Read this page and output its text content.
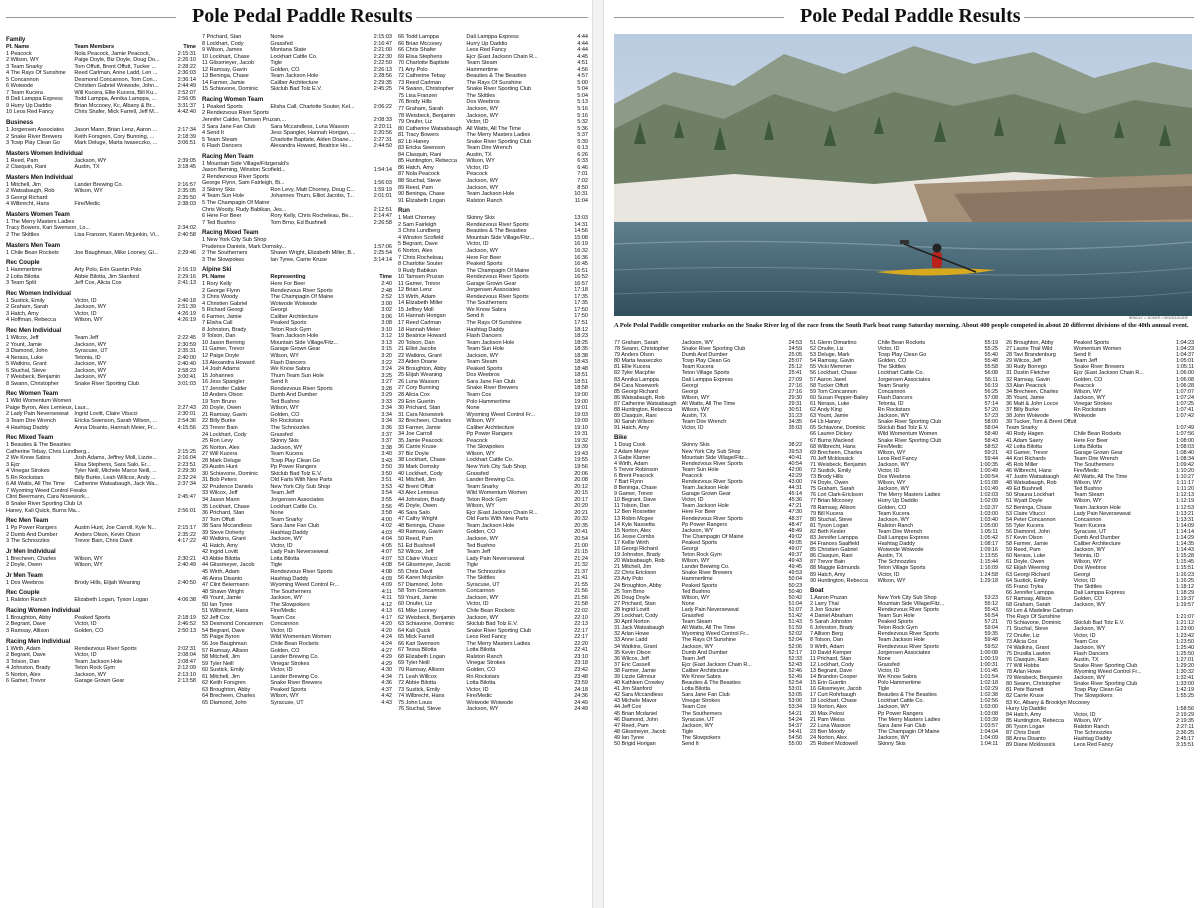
Pole Pedal Paddle Results
Family
Pl. Name	Team Members	Time
1 Peacock	Nola Peacock, Jamie Peacock,	2:15:31
2 Wilson, WY	Paige Doyle, Biz Doyle, Doug Do...	2:26:10
3 Team Snarky	Tom Offutt, Brent Offutt, Tucker ...	2:28:22
4 The Rays Of Sunshine	Reed Carlman, Anne Ladd, Len ...	2:36:03
5 Concannon	Desmond Concannon, Tom Con...	2:36:14
6 Woiwode	Christien Gabriel Woiwode, John...	2:44:49
7 Team Kucera	Will Kucera, Ellie Kucera, Bill Ku...	2:52:07
8 Dali Lamppa Express	Todd Lamppa, Annika Lamppa, ...	2:56:05
9 Hurry Up Daddio	Brian Mccooey, Kc, Albany & Br...	3:31:37
10 Leos Red Fancy	Chris Shafer, Mick Farrell, Jeff M...	4:42:40
Business
1 Jorgensen Associates	Jason Mann, Brian Lenz, Aaron ...	2:17:34
2 Snake River Brewers	Keith Forsgren, Cory Bunning, ...	2:18:39
3 Tcwp Play Clean Go	Mark Deluge, Marta Iwaseczko, ...	3:06:51
Masters Women Individual
1 Reed, Pam	Jackson, WY	2:39:05
2 Clasquin, Rani	Austin, TX	3:18:45
Masters Men Individual
1 Mitchell, Jim	Lander Brewing Co.	2:16:57
2 Watsabaugh, Rob	Wilson, WY	2:35:05
3 Georgi Richard	2:35:50
4 Wilbrecht, Hans	Fire/Medic	2:38:03
Masters Women Team
1 The Merry Masters Ladies
Tracy Bowers, Kari Swenson, Lo...	2:34:02
2 The Skittles	Lisa Franzen, Karen Mcjunkin, Vi...	2:40:58
Masters Men Team
1 Chile Bean Rockets	Joe Baughman, Mike Looney, Gl...	2:29:46
Rec Couple
1 Hammertime	Arty Polo, Erin Guertin Polo	2:16:19
2 Lotta Bilotta	Abbie Bilotta, Jim Stanford	2:29:16
3 Team Split	Jeff Cox, Alicia Cox	2:41:13
Rec Women Individual
1 Sustick, Emily	Victor, ID	2:46:18
2 Graham, Sarah	Jackson, WY	2:51:39
3 Hatch, Amy	Victor, ID	4:26:19
4 Hoffman, Rebecca	Wilson, WY	4:26:19
Rec Men Individual
1 Wilcox, Jeff	Team Jeff	2:22:45
2 Yount, Jamie	Jackson, WY	2:30:59
3 Diamond, John	Syracuse, UT	2:35:31
4 Nerass, Luke	Tetonia, ID	2:40:00
5 Watkins, Grant	Jackson, WY	2:40:40
6 Stuchal, Steve	Jackson, WY	2:58:23
7 Weisbeck, Benjamin	Jackson, WY	3:00:41
8 Swann, Christopher	Snake River Sporting Club	3:01:03
Rec Women Team
1 Wild Womentum Women
Paige Byron, Alex Lemieux, Laur...	2:27:43
2 Lady Pain Neverseweat	Ingrid Lovitt, Claire Vitucci	2:30:01
3 Team Dire Wrench	Ericka Swenson, Sarah Wilson, ...	2:54:36
4 Hashtag Daddy	Anna Disanto, Hannah Meier, Fr...	4:15:56
Rec Mixed Team
1 Beauties & The Beasties
Catherine Tebay, Chris Lundberg...	2:15:25
2 We Know Sabra	Josh Adams, Jeffrey Moll, Lizzie...	2:16:04
3 Ejcr	Elisa Stephens, Sara Salo, Er...	2:23:51
4 Vinegar Strokes	Tyler Neill, Michele Marce Neill, ...	2:29:30
5 Rn Rockstars	Billy Burke, Leah Willcox, Andy ...	2:32:24
6 All Watts, All The Time	Catherine Watsabaugh, Jack Wa...	2:37:34
7 Wyoming Weed Control Freaks
Clint Beermann, Cara Nosework...	2:45:47
8 Snake River Sporting Club Ui
Haney, Kali Quick, Burns Ma...	2:56:01
Rec Men Team
1 Pp Power Rangers	Austin Hunt, Joe Carroll, Kyle N...	2:15:17
2 Dumb And Dumber	Anders Olson, Kevin Olson	2:35:22
3 The Schnozzles	Trevor Bain, Chris Davit	4:17:22
Jr Men Individual
1 Brecheen, Charles	Wilson, WY	2:30:21
2 Doyle, Owen	Wilson, WY	2:40:49
Jr Men Team
1 Dos Weebros	Brody Hills, Elijah Weaning	2:40:50
Rec Couple
1 Ralston Ranch	Elizabeth Logan, Tyson Logan	4:06:38
Racing Women Individual
1 Broughton, Abby	Peaked Sports	2:18:19
2 Begrant, Dave	Victor, ID	2:46:52
3 Ramsay, Allison	Golden, CO	2:50:13
Racing Men Individual
1 Wirth, Adam	Rendezvous River Sports	2:02:31
2 Begrant, Dave	Victor, ID	2:08:04
3 Tolson, Dan	Team Jackson Hole	2:08:47
4 Johnston, Brady	Teton Rock Gym	2:12:09
5 Norton, Alex	Jackson, WY	2:13:10
6 Gamer, Trevor	Garage Grown Gear	2:13:58
7 Prichard, Stan	None	2:15:03
8 Lockhart, Cody	Grassfed	2:16:47
9 Wilson, James	Montana State	2:21:00
10 Lockhart, Chase	Lockhart Cattle Co.	2:22:30
11 Glissmeyer, Jacob	Tigle	2:22:50
12 Ramsay, Gavin	Golden, CO	2:26:13
13 Beninga, Chase	Team Jackson Hole	2:28:56
14 Farmer, Jamie	Caliber Architecture	2:29:35
15 Schiavone, Dominic	Skiclub Bad Tolz E.V.	2:45:25
Racing Women Team
1 Peaked Sports	Elisha Call, Charlotte Souter, Kel...	2:06:22
2 Rendezvous River Sports
Jennifer Calder, Tamsen Pruzan,...	2:08:33
3 Sara Jane Fan Club	Sara Mccandless, Luna Wasson	2:20:11
4 Send It	Jess Spangler, Hannah Horigan, ...	2:20:56
5 Team Steam	Charlotte Baptiste, Aiden Doane...	2:27:31
6 Flash Dancers	Alexandra Howard, Beatrice Ho...	2:44:50
Racing Men Team
1 Mountain Side Village/Fitzgerald's
Jason Berning, Winston Scofield...	1:54:14
2 Rendezvous River Sports
George Flynn, Sam Fairleigh, Bi...	1:56:03
3 Skinny Skis	Ron Levy, Matt Chorney, Doug C...	1:59:19
4 Team Sun Hole	Johannes Thurn, Elliot Jacobs, T...	2:01:01
5 The Champagin Of Maine
Chris Woody, Rudy Babikan, Jes...	2:12:51
6 Here For Beer	Rory Kelly, Chris Rocheleau, Be...	2:14:47
7 Ted Bushno	Tom Brno, Ed Bushnell	2:26:58
Racing Mixed Team
1 New York City Sub Shop
Prudence Daniels, Mark Domsky...	1:57:06
2 The Southerners	Shawn Wright, Elizabeth Miller, B...	2:25:54
3 The Slowpokes	Ian Tyree, Carrie Kruse	3:14:14
Alpine Ski
Pl. Name	Representing	Time
1 Rory Kelly	Here For Beer	2:40
2 George Flynn	Rendezvous River Sports	2:48
3 Chris Woody	The Champagin Of Maine	2:52
4 Christien Gabriel	Woiwode Woiwode	3:00
5 Richard Georgi	Georgi	3:02
6 Farmer, Jamie	Caliber Architecture	3:06
7 Elisha Call	Peaked Sports	3:08
8 Johnston, Brady	Teton Rock Gym	3:10
9 Tolson, Dan	Team Jackson Hole	3:12
10 Jason Berning	Mountain Side Village/Fitz...	3:13
11 Gamer, Trevor	Garage Grown Gear	3:15
12 Paige Doyle	Wilson, WY	3:20
13 Alexandra Howard	Flash Dancers	3:22
14 Josh Adams	We Know Sabra	3:24
15 Johannes	Thurn Team Sun Hole	3:25
16 Jess Spangler	Send It	3:27
17 Jennifer Calder	Rendezvous River Sports	3:28
18 Anders Olson	Dumb And Dumber	3:29
19 Tom Bruno	Ted Bushno	3:33
20 Doyle, Owen	Wilson, WY	3:34
21 Ramsay, Gavin	Golden, CO	3:34
22 Billy Burke	Rn Rockstars	3:34
23 Trevor Bain	The Schnozzles	3:36
24 Lockhart, Cody	Grassfed	3:37
25 Ron Levy	Skinny Skis	3:37
26 Norton, Alex	Jackson, WY	3:38
27 Will Kucera	Team Kucera	3:40
28 Mark Deluge	Tcwp Play Clean Go	3:43
29 Austin Hunt	Pp Power Rangers	3:50
30 Schiavone, Dominic	Skiclub Bad Tolz E.V.	3:50
31 Bob Peters	Old Farts With New Parts	3:51
32 Prudence Daniels	New York City Sub Shop	3:53
33 Wilcox, Jeff	Team Jeff	3:54
34 Jason Mann	Jorgensen Associates	3:55
35 Lockhart, Chase	Lockhart Cattle Co.	3:56
36 Prichard, Stan	None	3:58
37 Tom Offutt	Team Snarky	4:00
38 Sara Mccandless	Sara Jane Fan Club	4:02
39 Steve Doherty	Hashtag Daddy	4:03
40 Watkins, Grant	Jackson, WY	4:04
41 Hatch, Amy	Victor, ID	4:05
42 Ingrid Lovitt	Lady Pain Neverseweat	4:07
43 Abbie Bilotta	Lotta Bilotta	4:07
44 Glissmeyer, Jacob	Tigle	4:08
45 Wirth, Adam	Rendezvous River Sports	4:08
46 Anna Disanto	Hashtag Daddy	4:09
47 Clint Beiermann	Wyoming Weed Control Fr...	4:09
48 Shawn Wright	The Southerners	4:11
49 Yount, Jamie	Jackson, WY	4:11
50 Ian Tyree	The Slowpokers	4:12
51 Wilbrecht, Hans	Fire/Medic	4:13
52 Jeff Cox	Team Cox	4:17
53 Desmond Concannon	Concannon	4:20
54 Begrant, Dave	Victor, ID	4:20
55 Paige Byron	Wild Womentum Women	4:24
56 Joe Baughman	Chile Bean Rockets	4:24
57 Ramsay, Allison	Golden, CO	4:27
58 Mitchell, Jim	Lander Brewing Co.	4:29
59 Tyler Neill	Vinegar Strokes	4:29
60 Sustick, Emily	Victor, ID	4:30
61 Mitchell, Jim	Lander Brewing Co.	4:34
62 Keith Forsgren	Snake River Brewers	4:36
63 Broughton, Abby	Peaked Sports	4:37
64 Brecheen, Charles	Wilson, WY	4:42
65 Diamond, John	Syracuse, UT	4:43
66 Todd Lamppa	Dali Lamppa Express	4:44
66 Brian Mccooey	Hurry Up Daddio	4:44
66 Chris Shafer	Leos Red Fancy	4:44
69 Elisa Stephens	Ejcr (East Jackson Chain R...	4:45
70 Charlotte Baptiste	Team Steam	4:51
71 Arty Polo	Hammertime	4:56
72 Catherine Tebay	Beauties & The Beasties	4:57
73 Reed Carlman	The Rays Of Sunshine	5:00
74 Swann, Christopher	Snake River Sporting Club	5:04
75 Lisa Franzen	The Skittles	5:04
76 Brody Hills	Dos Weebros	5:13
77 Graham, Sarah	Jackson, WY	5:16
78 Weisbeck, Benjamin	Jackson, WY	5:16
79 Onufer, Liz	Victor, ID	5:32
80 Catherine Watsabaugh All Watts, All The Time	5:36
81 Tracy Bowers	The Merry Masters Ladies	5:37
82 Lb Haney	Snake River Sporting Club	5:39
83 Ericka Swenson	Team Dire Wrench	6:13
84 Clasquin, Rani	Austin, TX	6:26
85 Huntington, Rebecca	Wilson, WY	6:33
86 Hatch, Amy	Victor, ID	6:46
87 Nola Peacock	Peacock	7:01
88 Stuchal, Steve	Jackson, WY	7:02
89 Reed, Pam	Jackson, WY	8:50
90 Beninga, Chase	Team Jackson Hole	10:31
91 Elizabeth Logan	Ralston Ranch	11:04
Run
1 Matt Chorney	Skinny Skis	13:03
2 Sam Fairleigh	Rendezvous River Sports	14:31
3 Chris Lundberg	Beauties & The Beasties	14:56
4 Winston Scofield	Mountain Side Village/Fitz...	15:08
5 Begrant, Dave	Victor, ID	16:19
6 Norton, Alex	Jackson, WY	16:32
7 Chris Rocheleau	Here For Beer	16:36
8 Charlotte Souter	Peaked Sports	16:45
9 Rudy Babikan	The Champagin Of Maine	16:51
10 Tamsen Pruzan	Rendezvous River Sports	16:52
11 Gamer, Trevor	Garage Grown Gear	16:57
12 Brian Lenz	Jorgensen Associates	17:18
13 Wirth, Adam	Rendezvous River Sports	17:35
14 Elizabeth Miller	The Southerners	17:35
15 Jeffrey Moll	We Know Sabra	17:50
16 Hannah Horigan	Send It	17:50
17 Reed Carlman	The Rays Of Sunshine	17:51
18 Hannah Meier	Hashtag Daddy	18:12
19 Beatrice Howard	Flash Dancers	18:23
20 Tolson, Dan	Team Jackson Hole	18:25
21 Elliot Jacobs	Team Sun Hole	18:35
22 Watkins, Grant	Jackson, WY	18:38
23 Aiden Doane	Team Steam	18:43
24 Broughton, Abby	Peaked Sports	18:48
25 Elijah Weaning	Dos Weebros	18:51
26 Luna Wasson	Sara Jane Fan Club	18:51
27 Cory Bunning	Snake River Brewers	18:58
28 Alicia Cox	Team Cox	19:00
29 Erin Guertin	Polo Hammertime	19:00
30 Prichard, Stan	None	19:01
31 Cara Nosework	Wyoming Weed Control Fr...	19:03
32 Brecheen, Charles	Wilson, WY	19:09
33 Farmer, Jamie	Caliber Architecture	19:10
34 Joe Carroll	Pp Power Rangers	19:31
35 Jamie Peacock	Peacock	19:32
36 Carrie Kruse	The Slowpokes	19:39
37 Biz Doyle	Wilson, WY	19:43
38 Lockhart, Chase	Lockhart Cattle Co.	19:55
39 Mark Domsky	New York City Sub Shop	19:56
40 Lockhart, Cody	Grassfed	20:06
41 Mitchell, Jim	Lander Brewing Co.	20:08
42 Brent Offutt	Team Snarky	20:12
43 Alex Lemieux	Wild Womentum Women	20:15
44 Johnston, Brady	Teton Rock Gym	20:17
45 Doyle, Owen	Wilson, WY	20:20
46 Sara Salo	Ejcr (East Jackson Chain R...	20:21
47 Cathy Wright	Old Farts With New Parts	20:32
48 Beninga, Chase	Team Jackson Hole	20:35
49 Ramsay, Gavin	Golden, CO	20:41
50 Reed, Pam	Jackson, WY	20:54
51 Ed Bushnell	Ted Bushno	21:00
52 Wilcox, Jeff	Team Jeff	21:15
53 Claire Vitucci	Lady Pain Neverseweat	21:24
54 Glissmeyer, Jacob	Tigle	21:32
55 Chris Davit	The Schnozzles	21:37
56 Karen Mcjunkin	The Skittles	21:41
57 Diamond, John	Syracuse, UT	21:55
58 Tom Concannon	Concannon	21:56
59 Yount, Jamie	Jackson, WY	21:56
60 Onufer, Liz	Victor, ID	21:58
61 Mike Looney	Chile Bean Rockets	22:02
62 Weisbeck, Benjamin	Jackson, WY	22:10
63 Schiavone, Dominic	Skiclub Bad Tolz E.V.	22:13
64 Kali Quick	Snake River Sporting Club	22:17
65 Mick Farrell	Leos Red Fancy	22:17
66 Kari Swenson	The Merry Masters Ladies	22:20
67 Tessa Bilotta	Lotta Bilotta	22:41
68 Elizabeth Logan	Ralston Ranch	23:10
69 Tyler Neill	Vinegar Strokes	23:18
70 Ramsay, Allison	Golden, CO	23:42
71 Leah Willcox	Rn Rockstars	23:48
72 Abbie Bilotta	Lotta Bilotta	23:59
73 Sustick, Emily	Victor, ID	24:18
74 Wilbrecht, Hans	Fire/Medic	24:36
75 John Louis	Woiwode Woiwode	24:49
76 Stuchal, Steve	Jackson, WY	24:49
Pole Pedal Paddle Results
BRADLY J. BONER / NEWS&GUIDE
A Pole Pedal Paddle competitor embarks on the Snake River leg of the race from the South Park boat ramp Saturday morning. About 400 people competed in about 20 different divisions of the 40th annual event.
77 Graham, Sarah	Jackson, WY	24:53
78 Swann, Christopher	Snake River Sporting Club	24:59
79 Anders Olson	Dumb And Dumber	25:05
80 Marta Iwaseczko	Tcwp Play Clean Go	25:07
81 Ellie Kucera	Team Kucera	25:12
82 Tyler Macphie	Teton Village Sports	25:41
83 Annika Lamppa	Dali Lamppa Express	27:09
84 Cara Nosework	Georgi	27:16
85 Georgi Richard	Georgi	27:16
86 Watsabaugh, Rob	Wilson, WY	29:30
87 Catherine Watsabaugh All Watts, All The Time	29:31
88 Huntington, Rebecca	Wilson, WY	30:51
89 Clasquin, Rani	Austin, TX	31:23
90 Sarah Wilson	Team Dire Wrench	34:35
91 Hatch, Amy	Victor, ID	35:03
Bike
1 Doug Cook	Skinny Skis	38:22
2 Adam Meyer	New York City Sub Shop	39:53
3 Gabe Klamer	Mountain Side Village/Fitz...	40:41
4 Wirth, Adam	Rendezvous River Sports	40:54
5 Trevor Robinson	Team Sun Hole	42:06
6 Brent Peacock	Peacock	42:29
7 Bart Flynn	Rendezvous River Sports	43:00
8 Beninga, Chase	Team Jackson Hole	44:31
9 Gamer, Trevor	Garage Grown Gear	45:14
10 Begrant, Dave	Victor, ID	45:36
11 Tolson, Dan	Team Jackson Hole	47:21
12 Ben Rossetter	Here For Beer	47:30
13 Robin Mcgee	Rendezvous River Sports	48:37
14 Kyle Nassetta	Pp Power Rangers	48:47
15 Norton, Alex	Jackson, WY	48:49
16 Jesse Combs	The Champagin Of Maine	49:02
17 Kellie Wirth	Peaked Sports	49:05
18 Georgi Richard	Georgi	49:07
19 Johnston, Brady	Teton Rock Gym	49:37
20 Watsabaugh, Rob	Wilson, WY	49:43
21 Mitchell, Jim	Lander Brewing Co.	49:45
22 Chris Erickson	Snake River Brewers	49:53
23 Arty Polo	Hammertime	50:04
24 Broughton, Abby	Peaked Sports	50:23
25 Tom Brno	Ted Bushno	50:40
26 Doug Doyle	Wilson, WY	50:42
27 Prichard, Stan	None	51:04
28 Ingrid Lovitt	Lady Pain Neverseweat	51:07
29 Lockhart, Cody	Grassfed	51:42
30 April Norton	Team Steam	51:43
31 Jack Watsabaugh	All Watts, All The Time	51:59
32 Arlan Howe	Wyoming Weed Control Fr...	52:02
33 Anne Ladd	The Rays Of Sunshine	52:04
34 Watkins, Grant	Jackson, WY	52:06
35 Kevin Olson	Dumb And Dumber	52:17
36 Wilcox, Jeff	Team Jeff	52:33
37 Eric Cassell	Ejcr (East Jackson Chain R...	52:43
38 Farmer, Jamie	Caliber Architecture	52:46
39 Lizzie Gilmour	We Know Sabra	52:49
40 Kathleen Crowley	Beauties & The Beasties	52:54
41 Jim Stanford	Lotta Bilotta	53:01
42 Sara Mccandless	Sara Jane Fan Club	53:05
43 Michele Mavor	Vinegar Strokes	53:06
44 Jeff Cox	Team Cox	53:34
45 Brian Mcdaniel	The Southerners	54:21
46 Diamond, John	Syracuse, UT	54:24
47 Reed, Pam	Jackson, WY	54:37
48 Glissmeyer, Jacob	Tigle	54:41
49 Ian Tyree	The Slowpokers	54:56
50 Brigid Horigan	Send It	55:00
51 Glenn Dimartino	Chile Bean Rockets	55:19
52 Onufer, Liz	Victor, ID	55:25
53 Deluge, Mark	Tcwp Play Clean Go	55:40
54 Ramsay, Gavin	Golden, CO	55:48
55 Vicki Memmer	The Skittles	55:58
56 Lockhart, Chase	Lockhart Cattle Co.	56:08
57 Aaron Jaeel	Jorgensen Associates	56:11
58 Tucker Offutt	Team Snarky	56:19
59 Tom Concannon	Concannon	56:25
60 Susan Pepper-Bailey	Flash Dancers	57:08
61 Nerass, Luke	Tetonia, ID	57:14
62 Andy King	Rn Rockstars	57:20
63 Yount, Jamie	Jackson, WY	57:23
64 Lb Haney	Snake River Sporting Club	58:00
65 Schiavone, Dominic	Skiclub Bad Tolz E.V.	58:04
66 Lauren Dickey	Wild Womentum Women	58:40
67 Burns Macleod	Snake River Sporting Club	58:43
68 Wilbrecht, Hans	Fire/Medic	58:52
69 Brecheen, Charles	Wilson, WY	59:21
70 Jeff Mcklossick	Leos Red Fancy	59:44
71 Weisbeck, Benjamin	Jackson, WY	1:00:35
72 Sustick, Emily	Victor, ID	1:00:49
73 Brody Hills	Dos Weebros	1:00:54
74 Doyle, Owen	Wilson, WY	1:01:08
75 Graham, Sarah	Jackson, WY	1:01:49
76 Lori Clark-Erickson	The Merry Masters Ladies	1:02:03
77 Brian Mccooey	Hurry Up Daddio	1:02:09
78 Ramsay, Allison	Golden, CO	1:02:37
79 Bill Kucera	Team Kucera	1:03:00
80 Stuchal, Steve	Jackson, WY	1:03:40
81 Tyson Logan	Ralston Ranch	1:05:00
82 Beth Kesler	Team Dire Wrench	1:05:11
83 Jennifer Lamppa	Dali Lamppa Express	1:05:42
84 Frances Saalfield	Hashtag Daddy	1:08:17
85 Christien Gabriel	Woiwode Woiwode	1:09:16
86 Clasquin, Rani	Austin, TX	1:13:55
87 Trevor Bain	The Schnozzles	1:15:44
88 Maggie Edmunds	Teton Village Sports	1:16:09
89 Hatch, Amy	Victor, ID	1:24:58
90 Huntington, Rebecca	Wilson, WY	1:29:18
Boat
1 Aaron Pruzan	New York City Sub Shop	53:23
2 Larry Thal	Mountain Side Village/Fitz...	55:12
3 Jon Souter	Rendezvous River Sports	55:43
4 Daniel Abraham	Team Sun Hole	56:54
5 Sarah Johnston	Peaked Sports	57:21
6 Johnston, Brady	Teton Rock Gym	59:04
7 Allison Berg	Rendezvous River Sports	59:35
8 Tolson, Dan	Team Jackson Hole	59:48
9 Wirth, Adam	Rendezvous River Sports	59:52
10 David Kemper	Jorgensen Associates	1:00:08
11 Prichard, Stan	None	1:00:19
12 Lockhart, Cody	Grassfed	1:00:31
13 Begrant, Dave	Victor, ID	1:01:45
14 Brandon Cooper	We Know Sabra	1:01:54
15 Erin Guertin	Polo Hammertime	1:02:18
16 Glissmeyer, Jacob	Tigle	1:02:29
17 Curt Rohrbaugh	Beauties & The Beasties	1:02:38
18 Lockhart, Chase	Lockhart Cattle Co.	1:02:56
19 Norton, Alex	Jackson, WY	1:03:00
20 Max Pelosi	Pp Power Rangers	1:03:08
21 Pam Weiss	The Merry Masters Ladies	1:03:39
22 Luna Wasson	Sara Jane Fan Club	1:03:57
23 Ben Moody	The Champagin Of Maine	1:04:04
24 Norton, Alex	Jackson, WY	1:04:09
25 Robert Mcdowell	Skinny Skis	1:04:11
26 Broughton, Abby	Peaked Sports	1:04:23
27 Laurie Thal Wild	Womentum Women	1:04:23
28 Tavi Brandenburg	Send It	1:04:37
29 Wilcox, Jeff	Team Jeff	1:05:01
30 Rudy Borrego	Snake River Brewers	1:05:11
31 Dustin Fletcher	Ejcr (East Jackson Chain R...	1:06:00
32 Ramsay, Gavin	Golden, CO	1:06:08
33 Alan Peacock	Peacock	1:06:28
34 Brecheen, Charles	Wilson, WY	1:07:07
35 Yount, Jamie	Jackson, WY	1:07:24
36 Matt & John Locce	Vinegar Strokes	1:07:25
37 Billy Burke	Rn Rockstars	1:07:41
38 John Woiwode	Woiwode	1:07:42
39 Tucker, Tom & Brent Offutt
Team Snarky	1:07:49
40 Rody Hagen	Chile Bean Rockets	1:07:56
41 Adam Saery	Here For Beer	1:08:00
42 Lotta Bilotta	Lotta Bilotta	1:08:03
43 Gamer, Trevor	Garage Grown Gear	1:08:40
44 Kori Richards	Team Dire Wrench	1:08:34
45 Rob Miller	The Southerners	1:09:42
46 Wilbrecht, Hans	Fire/Medic	1:10:20
47 Justin Watsabaugh	All Watts, All The Time	1:10:27
48 Watsabaugh, Rob	Wilson, WY	1:11:17
49 Ed Bushnell	Ted Bushno	1:11:20
50 Shauna Lockhart	Team Steam	1:12:13
51 Wyatt Doyle	Wilson, WY	1:12:19
52 Beninga, Chase	Team Jackson Hole	1:12:53
53 Claire Vitucci	Lady Pain Neverseweat	1:13:21
54 Peter Concannon	Concannon	1:13:31
55 Tyler Kucera	Team Kucera	1:14:09
56 Diamond, John	Syracuse, UT	1:14:14
57 Kevin Olson	Dumb And Dumber	1:14:29
58 Farmer, Jamie	Caliber Architecture	1:14:35
59 Reed, Pam	Jackson, WY	1:14:43
60 Nerass, Luke	Tetonia, ID	1:15:28
61 Doyle, Owen	Wilson, WY	1:15:45
62 Elijah Weening	Dos Weebros	1:15:51
63 Georgi Richard	Georgi	1:16:23
64 Sustick, Emily	Victor, ID	1:16:25
65 Franci Tryka	The Skittles	1:18:12
66 Jennifer Lamppa	Dali Lamppa Express	1:18:29
67 Ramsay, Allison	Golden, CO	1:19:37
68 Graham, Sarah	Jackson, WY	1:19:57
69 Len & Madeline Carlman
The Rays Of Sunshine	1:21:07
70 Schiavone, Dominic	Skiclub Bad Tolz E.V.	1:21:12
71 Stuchal, Steve	Jackson, WY	1:23:00
72 Onufer, Liz	Victor, ID	1:23:42
73 Alicia Cox	Team Cox	1:23:50
74 Watkins, Grant	Jackson, WY	1:25:40
75 Drusilla Lawton	Flash Dancers	1:25:50
76 Clasquin, Rani	Austin, TX	1:27:01
77 Will Hobbs	Snake River Sporting Club	1:29:20
78 Arlan Howe	Wyoming Weed Control Fr...	1:30:32
79 Weisbeck, Benjamin	Jackson, WY	1:32:41
80 Swann, Christopher	Snake River Sporting Club	1:33:00
81 Pete Barnett	Tcwp Play Clean Go	1:42:19
82 Carrie Kruse	The Slowpokers	1:55:25
83 Kc, Albany & Brooklyn Mccooey
Hurry Up Daddio	1:58:56
84 Hatch, Amy	Victor, ID	2:19:29
85 Huntington, Rebecca	Wilson, WY	2:19:35
86 Tyson Logan	Ralston Ranch	2:27:11
87 Chris Davit	The Schnozzles	2:36:25
88 Anna Disanto	Hashtag Daddy	2:45:17
89 Diane Mcklossick	Leos Red Fancy	3:15:51
